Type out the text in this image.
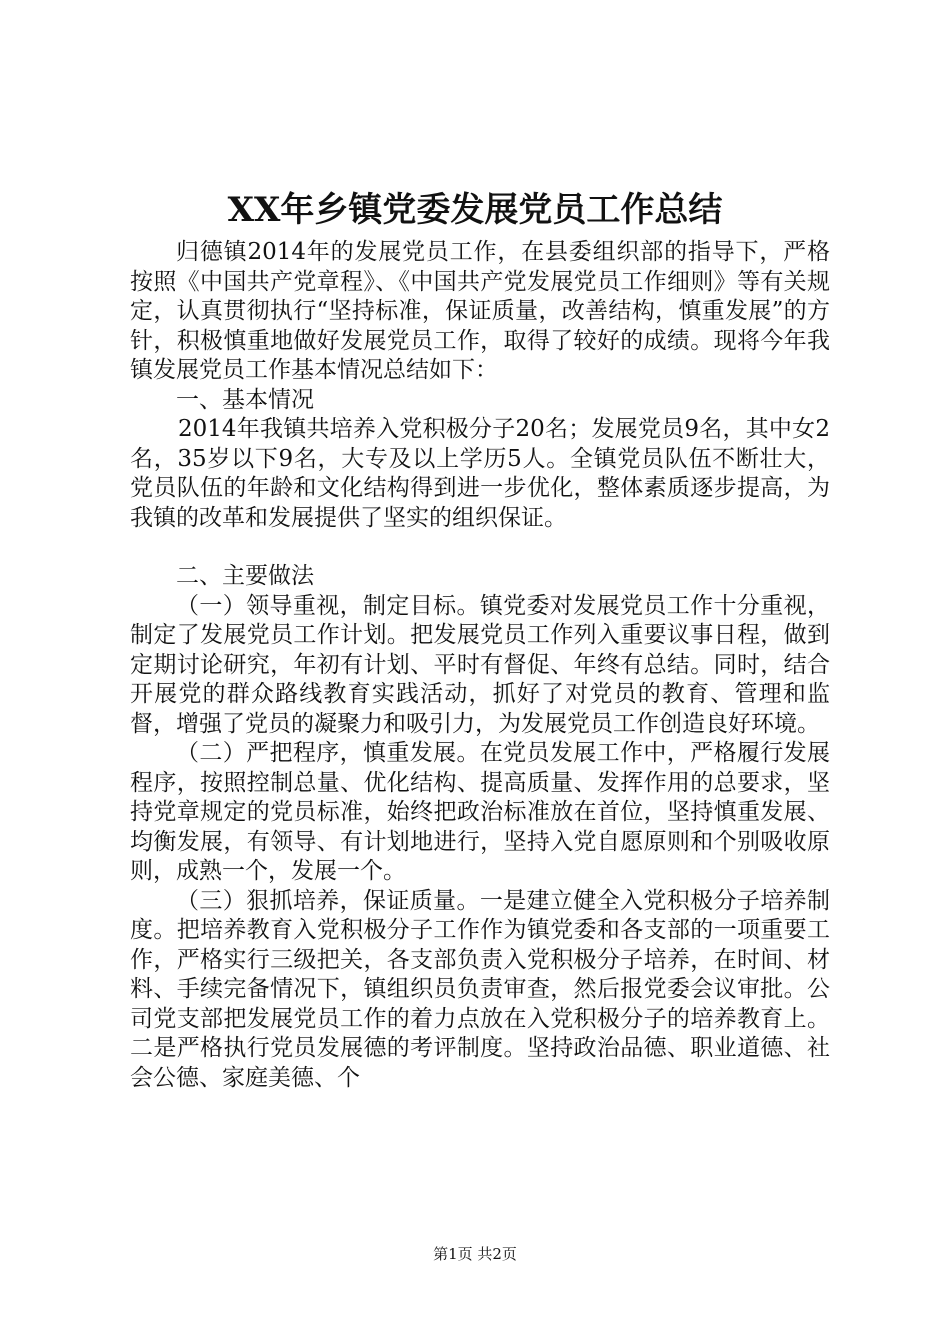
XX年乡镇党委发展党员工作总结

归德镇2014年的发展党员工作，在县委组织部的指导下，严格按照《中国共产党章程》、《中国共产党发展党员工作细则》等有关规定，认真贯彻执行“坚持标准，保证质量，改善结构，慎重发展”的方针，积极慎重地做好发展党员工作，取得了较好的成绩。现将今年我镇发展党员工作基本情况总结如下：

一、基本情况

2014年我镇共培养入党积极分子20名；发展党员9名，其中女2名，35岁以下9名，大专及以上学历5人。全镇党员队伍不断壮大，党员队伍的年龄和文化结构得到进一步优化，整体素质逐步提高，为我镇的改革和发展提供了坚实的组织保证。

二、主要做法

（一）领导重视，制定目标。镇党委对发展党员工作十分重视，制定了发展党员工作计划。把发展党员工作列入重要议事日程，做到定期讨论研究，年初有计划、平时有督促、年终有总结。同时，结合开展党的群众路线教育实践活动，抓好了对党员的教育、管理和监督，增强了党员的凝聚力和吸引力，为发展党员工作创造良好环境。

（二）严把程序，慎重发展。在党员发展工作中，严格履行发展程序，按照控制总量、优化结构、提高质量、发挥作用的总要求，坚持党章规定的党员标准，始终把政治标准放在首位，坚持慎重发展、均衡发展，有领导、有计划地进行，坚持入党自愿原则和个别吸收原则，成熟一个，发展一个。

（三）狠抓培养，保证质量。一是建立健全入党积极分子培养制度。把培养教育入党积极分子工作作为镇党委和各支部的一项重要工作，严格实行三级把关，各支部负责入党积极分子培养，在时间、材料、手续完备情况下，镇组织员负责审查，然后报党委会议审批。公司党支部把发展党员工作的着力点放在入党积极分子的培养教育上。二是严格执行党员发展德的考评制度。坚持政治品德、职业道德、社会公德、家庭美德、个

第1页 共2页
